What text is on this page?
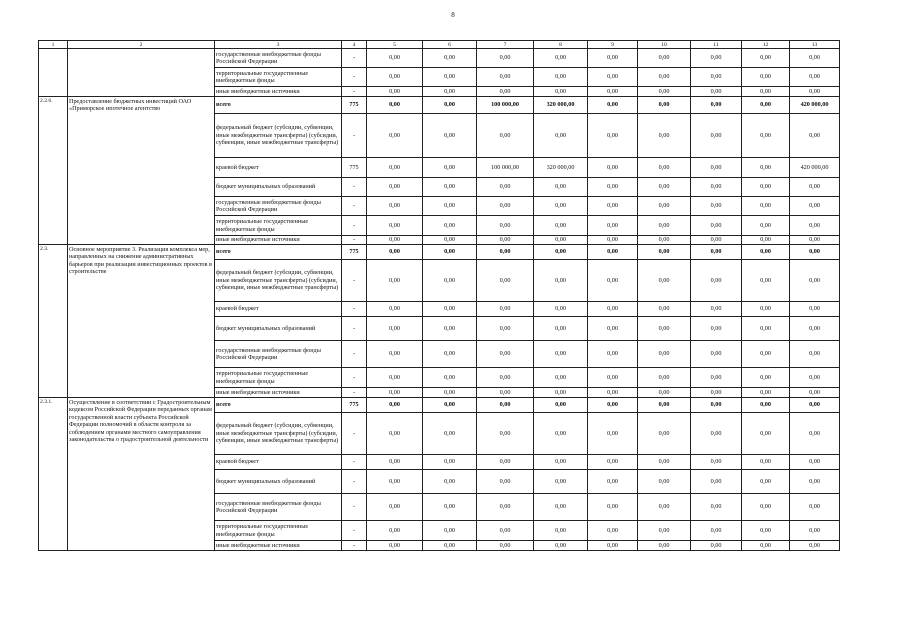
8
1	2	3	4	5	6	7	8	9	10	11	12	13
		государственные внебюджетные фонды Российской Федерации	-	0,00	0,00	0,00	0,00	0,00	0,00	0,00	0,00	0,00
		территориальные государственные внебюджетные фонды	-	0,00	0,00	0,00	0,00	0,00	0,00	0,00	0,00	0,00
		иные внебюджетные источники	-	0,00	0,00	0,00	0,00	0,00	0,00	0,00	0,00	0,00
2.2.6.	Предоставление бюджетных инвестиций ОАО «Приморское ипотечное агентство	всего	775	0,00	0,00	100 000,00	320 000,00	0,00	0,00	0,00	0,00	420 000,00
		федеральный бюджет (субсидии, субвенции, иные межбюджетные трансферты) (субсидии, субвенции, иные межбюджетные трансферты)	-	0,00	0,00	0,00	0,00	0,00	0,00	0,00	0,00	0,00
		краевой бюджет	775	0,00	0,00	100 000,00	320 000,00	0,00	0,00	0,00	0,00	420 000,00
		бюджет муниципальных образований	-	0,00	0,00	0,00	0,00	0,00	0,00	0,00	0,00	0,00
		государственные внебюджетные фонды Российской Федерации	-	0,00	0,00	0,00	0,00	0,00	0,00	0,00	0,00	0,00
		территориальные государственные внебюджетные фонды	-	0,00	0,00	0,00	0,00	0,00	0,00	0,00	0,00	0,00
		иные внебюджетные источники	-	0,00	0,00	0,00	0,00	0,00	0,00	0,00	0,00	0,00
2.3.	Основное мероприятие 3. Реализация комплекса мер, направленных на снижение административных барьеров при реализации инвестиционных проектов в строительстве	всего	775	0,00	0,00	0,00	0,00	0,00	0,00	0,00	0,00	0,00
		федеральный бюджет (субсидии, субвенции, иные межбюджетные трансферты) (субсидии, субвенции, иные межбюджетные трансферты)	-	0,00	0,00	0,00	0,00	0,00	0,00	0,00	0,00	0,00
		краевой бюджет	-	0,00	0,00	0,00	0,00	0,00	0,00	0,00	0,00	0,00
		бюджет муниципальных образований	-	0,00	0,00	0,00	0,00	0,00	0,00	0,00	0,00	0,00
		государственные внебюджетные фонды Российской Федерации	-	0,00	0,00	0,00	0,00	0,00	0,00	0,00	0,00	0,00
		территориальные государственные внебюджетные фонды	-	0,00	0,00	0,00	0,00	0,00	0,00	0,00	0,00	0,00
		иные внебюджетные источники	-	0,00	0,00	0,00	0,00	0,00	0,00	0,00	0,00	0,00
2.3.1.	Осуществление в соответствии с Градостроительным кодексом Российской Федерации переданных органам государственной власти субъекта Российской Федерации полномочий в области контроля за соблюдением органами местного самоуправления законодательства о градостроительной деятельности	всего	775	0,00	0,00	0,00	0,00	0,00	0,00	0,00	0,00	0,00
		федеральный бюджет (субсидии, субвенции, иные межбюджетные трансферты) (субсидии, субвенции, иные межбюджетные трансферты)	-	0,00	0,00	0,00	0,00	0,00	0,00	0,00	0,00	0,00
		краевой бюджет	-	0,00	0,00	0,00	0,00	0,00	0,00	0,00	0,00	0,00
		бюджет муниципальных образований	-	0,00	0,00	0,00	0,00	0,00	0,00	0,00	0,00	0,00
		государственные внебюджетные фонды Российской Федерации	-	0,00	0,00	0,00	0,00	0,00	0,00	0,00	0,00	0,00
		территориальные государственные внебюджетные фонды	-	0,00	0,00	0,00	0,00	0,00	0,00	0,00	0,00	0,00
		иные внебюджетные источники	-	0,00	0,00	0,00	0,00	0,00	0,00	0,00	0,00	0,00
